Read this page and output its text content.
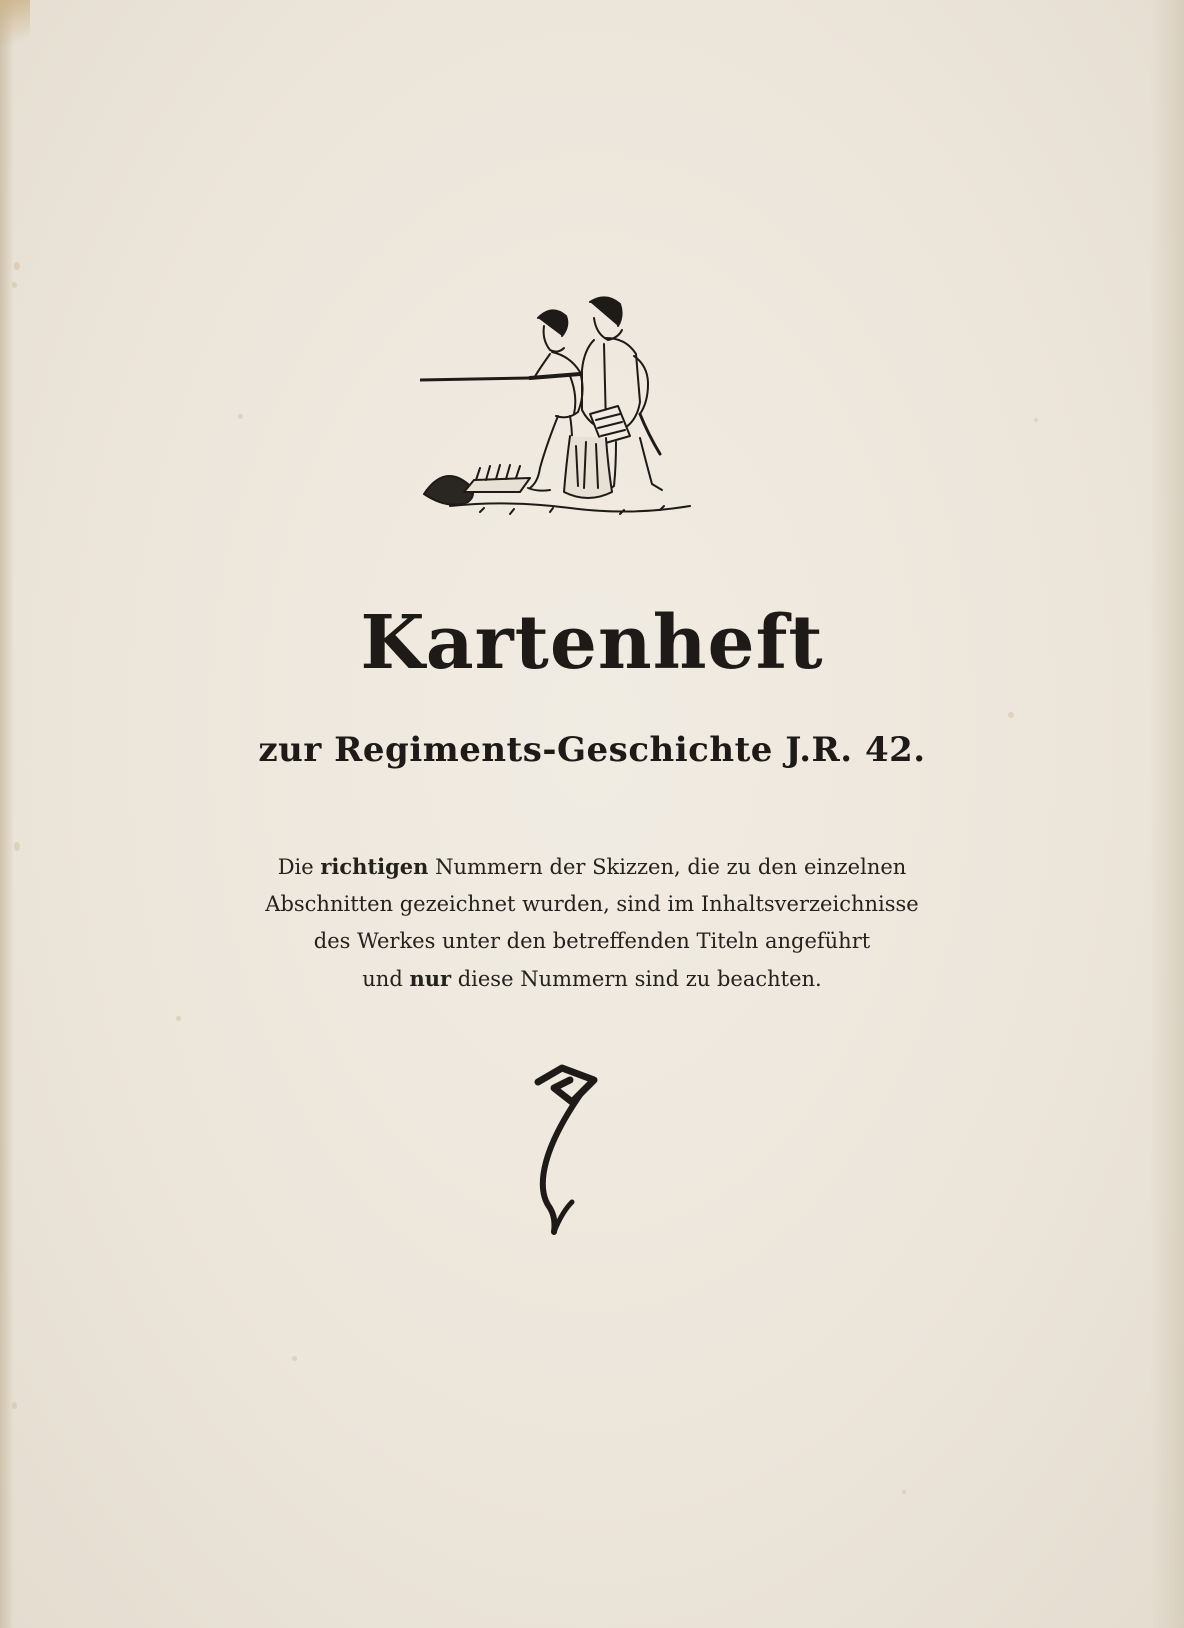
Kartenheft
zur Regiments-Geschichte J.R. 42.
Die richtigen Nummern der Skizzen, die zu den einzelnen
Abschnitten gezeichnet wurden, sind im Inhaltsverzeichnisse
des Werkes unter den betreffenden Titeln angeführt
und nur diese Nummern sind zu beachten.
